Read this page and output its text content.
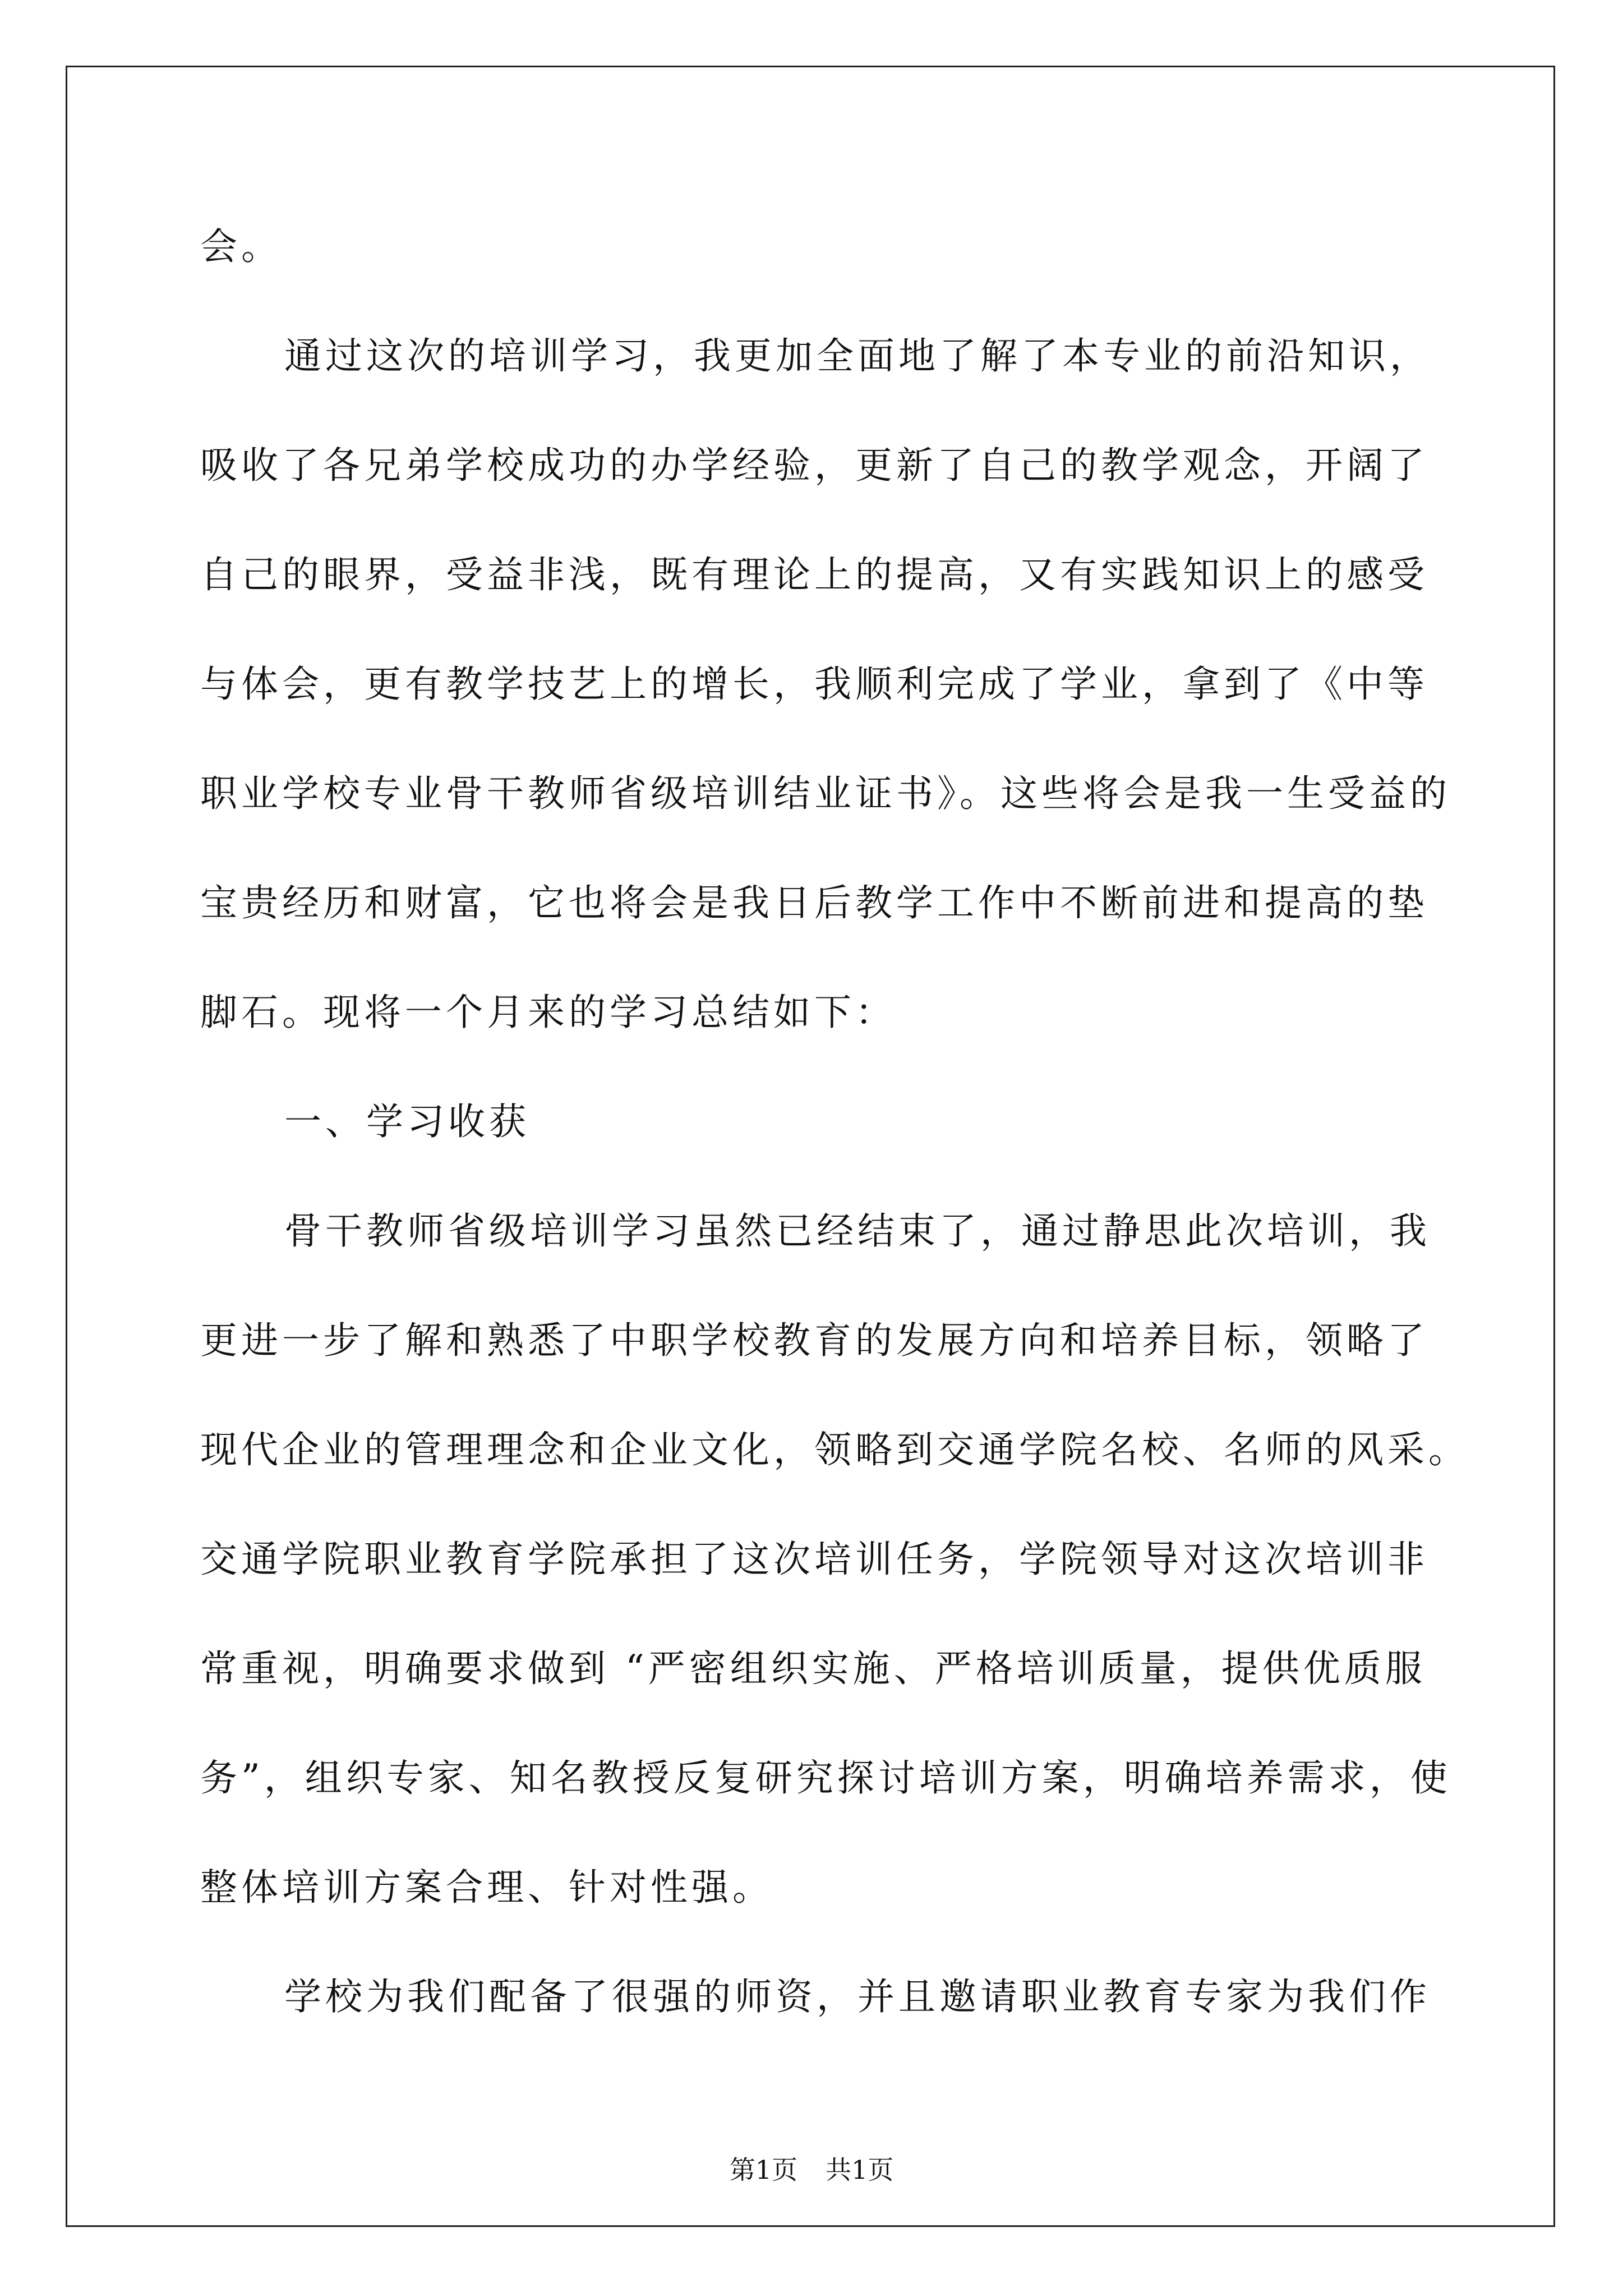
会。

通过这次的培训学习，我更加全面地了解了本专业的前沿知识，

吸收了各兄弟学校成功的办学经验，更新了自己的教学观念，开阔了

自己的眼界，受益非浅，既有理论上的提高，又有实践知识上的感受

与体会，更有教学技艺上的增长，我顺利完成了学业，拿到了《中等

职业学校专业骨干教师省级培训结业证书》。这些将会是我一生受益的

宝贵经历和财富，它也将会是我日后教学工作中不断前进和提高的垫

脚石。现将一个月来的学习总结如下：

一、学习收获

骨干教师省级培训学习虽然已经结束了，通过静思此次培训，我

更进一步了解和熟悉了中职学校教育的发展方向和培养目标，领略了

现代企业的管理理念和企业文化，领略到交通学院名校、名师的风采。

交通学院职业教育学院承担了这次培训任务，学院领导对这次培训非

常重视，明确要求做到 “严密组织实施、严格培训质量，提供优质服

务”，组织专家、知名教授反复研究探讨培训方案，明确培养需求，使

整体培训方案合理、针对性强。

学校为我们配备了很强的师资，并且邀请职业教育专家为我们作

第1页 共1页
